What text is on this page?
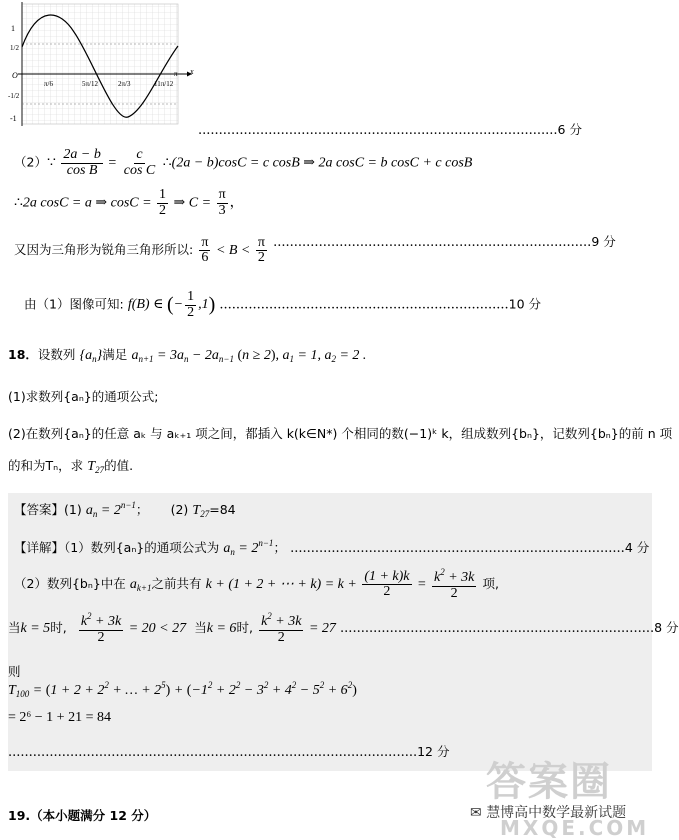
1
1/2
O
-1/2
-1
π/6	5π/12	2π/3	11π/12
π x
.......................................................................................6 分
（2）∵ $\frac{2a - b}{\text{cos B}} = \frac{c}{\text{cos C}}$ ∴(2a − b)cosC = c cosB ⇒ 2a cosC = b cosC + c cosB
∴2a cosC = a ⇒ $\cos C = \frac{1}{2}$ ⇒ $C = \frac{\pi}{3}$ ，
又因为三角形为锐角三角形所以: $\frac{\pi}{6} < B < \frac{\pi}{2} .............................................................................9$ 分
由（1）图像可知: f(B) ∈ (− $\frac{1}{2} ,1$) ......................................................................10 分
18．设数列 $\{a_n\}$满足 $a_{n+1} = 3a_n - 2a_{n-1}$ (n ≥ 2), $a_1 = 1$, $a_2 = 2$ .
(1)求数列{aₙ}的通项公式;
(2)在数列{aₙ}的任意 aₖ 与 aₖ₊₁ 项之间，都插入 k(k∈N*) 个相同的数(−1)ᵏ k，组成数列{bₙ}，记数列{bₙ}的前 n 项
的和为Tₙ，求 $T_{27}$的值.
【答案】(1) $a_n = 2^{n-1}$； (2) $T_{27}=84$
【详解】（1）数列{aₙ}的通项公式为 $a_n = 2^{n-1}$； .................................................................................4 分
（2）数列{bₙ}中在 $a_{k+1}$之前共有 k + (1 + 2 + ⋯ + $k) = k + \frac{(1 + k)k}{2} = \frac{k^2 + 3k}{2}$ 项,
当k = 5时, $\frac{k^2 + 3k}{2} = 20 < 27$ 当k = 6时, $\frac{k^2 + 3k}{2} = 27$ ............................................................................8 分
则
$T_{100} = (1 + 2 + 2^2$ + … + $2^5) + (-1^2 + 2^2 - 3^2 + 4^2 - 5^2 + 6^2)$
= 2⁶ − 1 + 21 = 84
...................................................................................................12 分
19.（本小题满分 12 分）
答案圈
✉ 慧博高中数学最新试题
MXQE.COM
